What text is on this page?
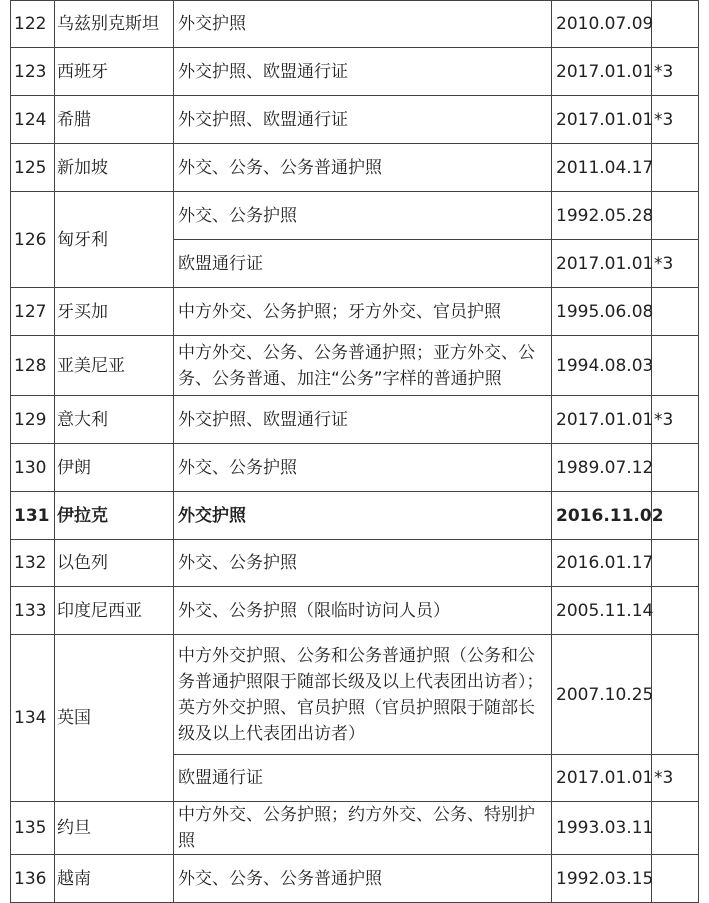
122	乌兹别克斯坦	外交护照	2010.07.09	
123	西班牙	外交护照、欧盟通行证	2017.01.01	*3
124	希腊	外交护照、欧盟通行证	2017.01.01	*3
125	新加坡	外交、公务、公务普通护照	2011.04.17	
126	匈牙利	外交、公务护照	1992.05.28	
		欧盟通行证	2017.01.01	*3
127	牙买加	中方外交、公务护照；牙方外交、官员护照	1995.06.08	
128	亚美尼亚	中方外交、公务、公务普通护照；亚方外交、公务、公务普通、加注“公务”字样的普通护照	1994.08.03	
129	意大利	外交护照、欧盟通行证	2017.01.01	*3
130	伊朗	外交、公务护照	1989.07.12	
131	伊拉克	外交护照	2016.11.02	
132	以色列	外交、公务护照	2016.01.17	
133	印度尼西亚	外交、公务护照（限临时访问人员）	2005.11.14	
134	英国	中方外交护照、公务和公务普通护照（公务和公务普通护照限于随部长级及以上代表团出访者）；英方外交护照、官员护照（官员护照限于随部长级及以上代表团出访者）	2007.10.25	
		欧盟通行证	2017.01.01	*3
135	约旦	中方外交、公务护照；约方外交、公务、特别护照	1993.03.11	
136	越南	外交、公务、公务普通护照	1992.03.15	
